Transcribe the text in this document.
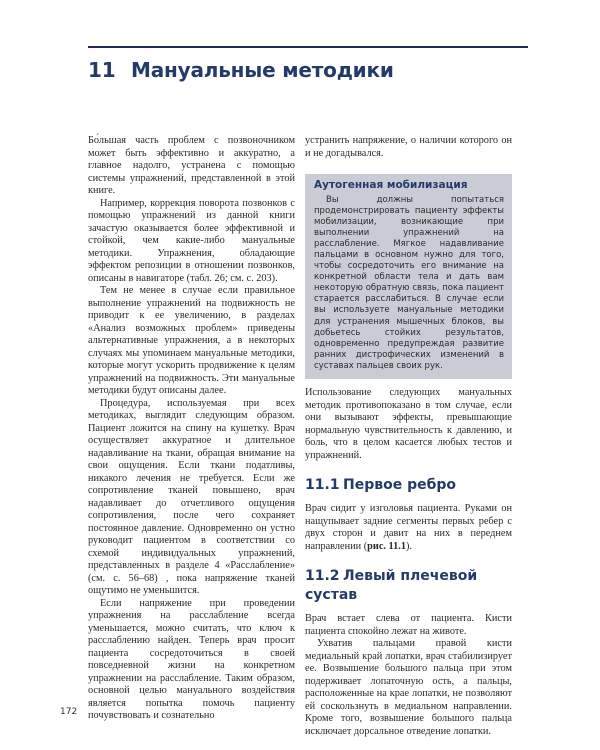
11 Мануальные методики

Бо́льшая часть проблем с позвоночником может быть эффективно и аккуратно, а главное надолго, устранена с помощью системы упражнений, представленной в этой книге.

Например, коррекция поворота позвонков с помощью упражнений из данной книги зачастую оказывается более эффективной и стойкой, чем какие-либо мануальные методики. Упражнения, обладающие эффектом репозиции в отношении позвонков, описаны в навигаторе (табл. 26; см. с. 203).

Тем не менее в случае если правильное выполнение упражнений на подвижность не приводит к ее увеличению, в разделах «Анализ возможных проблем» приведены альтернативные упражнения, а в некоторых случаях мы упоминаем мануальные методики, которые могут ускорить продвижение к целям упражнений на подвижность. Эти мануальные методики будут описаны далее.

Процедура, используемая при всех методиках, выглядит следующим образом. Пациент ложится на спину на кушетку. Врач осуществляет аккуратное и длительное надавливание на ткани, обращая внимание на свои ощущения. Если ткани податливы, никакого лечения не требуется. Если же сопротивление тканей повышено, врач надавливает до отчетливого ощущения сопротивления, после чего сохраняет постоянное давление. Одновременно он устно руководит пациентом в соответствии со схемой индивидуальных упражнений, представленных в разделе 4 «Расслабление» (см. с. 56–68) , пока напряжение тканей ощутимо не уменьшится.

Если напряжение при проведении упражнения на расслабление всегда уменьшается, можно считать, что ключ к расслаблению найден. Теперь врач просит пациента сосредоточиться в своей повседневной жизни на конкретном упражнении на расслабление. Таким образом, основной целью мануального воздействия является попытка помочь пациенту почувствовать и сознательно

устранить напряжение, о наличии которого он и не догадывался.

Аутогенная мобилизация

Вы должны попытаться продемонстрировать пациенту эффекты мобилизации, возникающие при выполнении упражнений на расслабление. Мягкое надавливание пальцами в основном нужно для того, чтобы сосредоточить его внимание на конкретной области тела и дать вам некоторую обратную связь, пока пациент старается расслабиться. В случае если вы используете мануальные методики для устранения мышечных блоков, вы добьетесь стойких результатов, одновременно предупреждая развитие ранних дистрофических изменений в суставах пальцев своих рук.

Использование следующих мануальных методик противопоказано в том случае, если они вызывают эффекты, превышающие нормальную чувствительность к давлению, и боль, что в целом касается любых тестов и упражнений.

11.1 Первое ребро

Врач сидит у изголовья пациента. Руками он нащупывает задние сегменты первых ребер с двух сторон и давит на них в переднем направлении (рис. 11.1).

11.2 Левый плечевой сустав

Врач встает слева от пациента. Кисти пациента спокойно лежат на животе.

Ухватив пальцами правой кисти медиальный край лопатки, врач стабилизирует ее. Возвышение большого пальца при этом подерживает лопаточную ость, а пальцы, расположенные на крае лопатки, не позволяют ей соскользнуть в медиальном направлении. Кроме того, возвышение большого пальца исключает дорсальное отведение лопатки.

172
